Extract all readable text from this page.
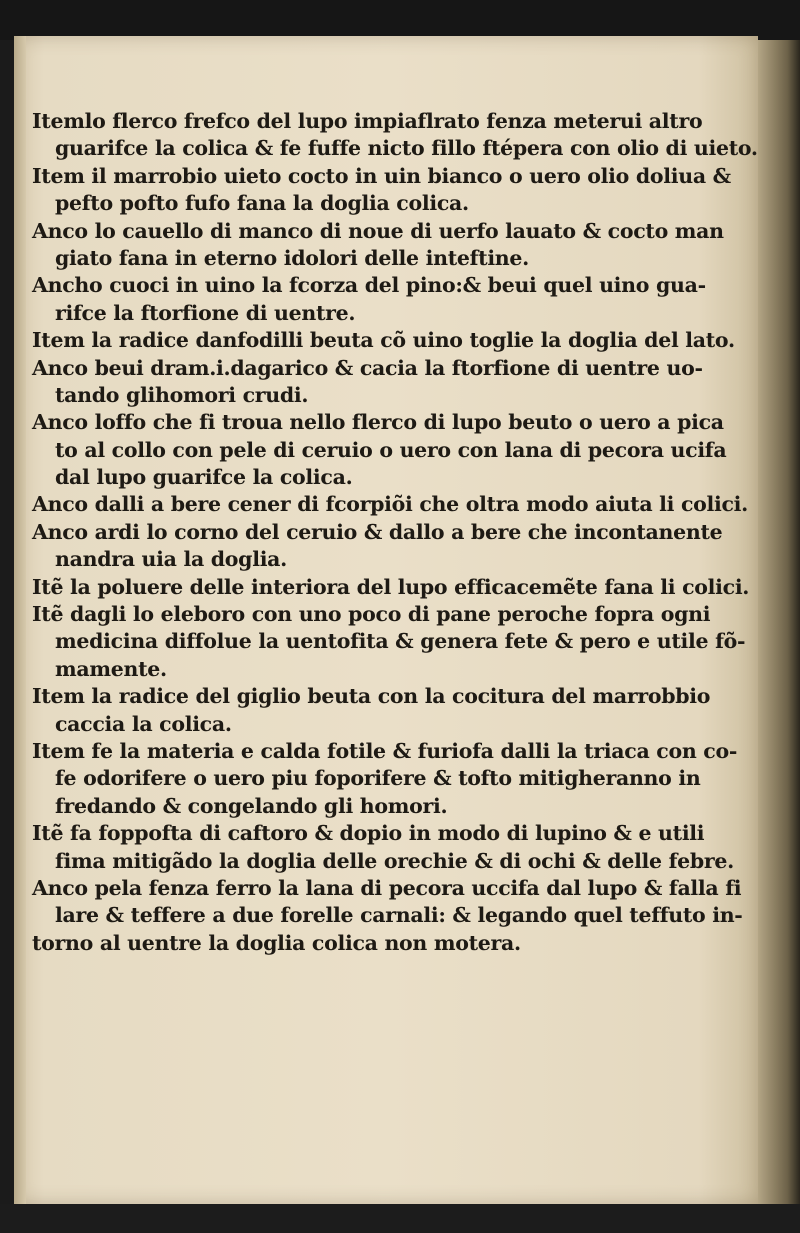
Itemlo flerco frefco del lupo impiaflrato fenza meterui altro
guarifce la colica & fe fuffe nicto fillo ftépera con olio di uieto.
Item il marrobio uieto cocto in uin bianco o uero olio doliua &
pefto pofto fufo fana la doglia colica.
Anco lo cauello di manco di noue di uerfo lauato & cocto man
giato fana in eterno idolori delle inteftine.
Ancho cuoci in uino la fcorza del pino:& beui quel uino gua-
rifce la ftorfione di uentre.
Item la radice danfodilli beuta cõ uino toglie la doglia del lato.
Anco beui dram.i.dagarico & cacia la ftorfione di uentre uo-
tando glihomori crudi.
Anco loffo che fi troua nello flerco di lupo beuto o uero a pica
to al collo con pele di ceruio o uero con lana di pecora ucifa
dal lupo guarifce la colica.
Anco dalli a bere cener di fcorpiõi che oltra modo aiuta li colici.
Anco ardi lo corno del ceruio & dallo a bere che incontanente
nandra uia la doglia.
Itẽ la poluere delle interiora del lupo efficacemẽte fana li colici.
Itẽ dagli lo eleboro con uno poco di pane peroche fopra ogni
medicina diffolue la uentofita & genera fete & pero e utile fõ-
mamente.
Item la radice del giglio beuta con la cocitura del marrobbio
caccia la colica.
Item fe la materia e calda fotile & furiofa dalli la triaca con co-
fe odorifere o uero piu foporifere & tofto mitigheranno in
fredando & congelando gli homori.
Itẽ fa foppofta di caftoro & dopio in modo di lupino & e utili
fima mitigãdo la doglia delle orechie & di ochi & delle febre.
Anco pela fenza ferro la lana di pecora uccifa dal lupo & falla fi
lare & teffere a due forelle carnali: & legando quel teffuto in-
torno al uentre la doglia colica non motera.
